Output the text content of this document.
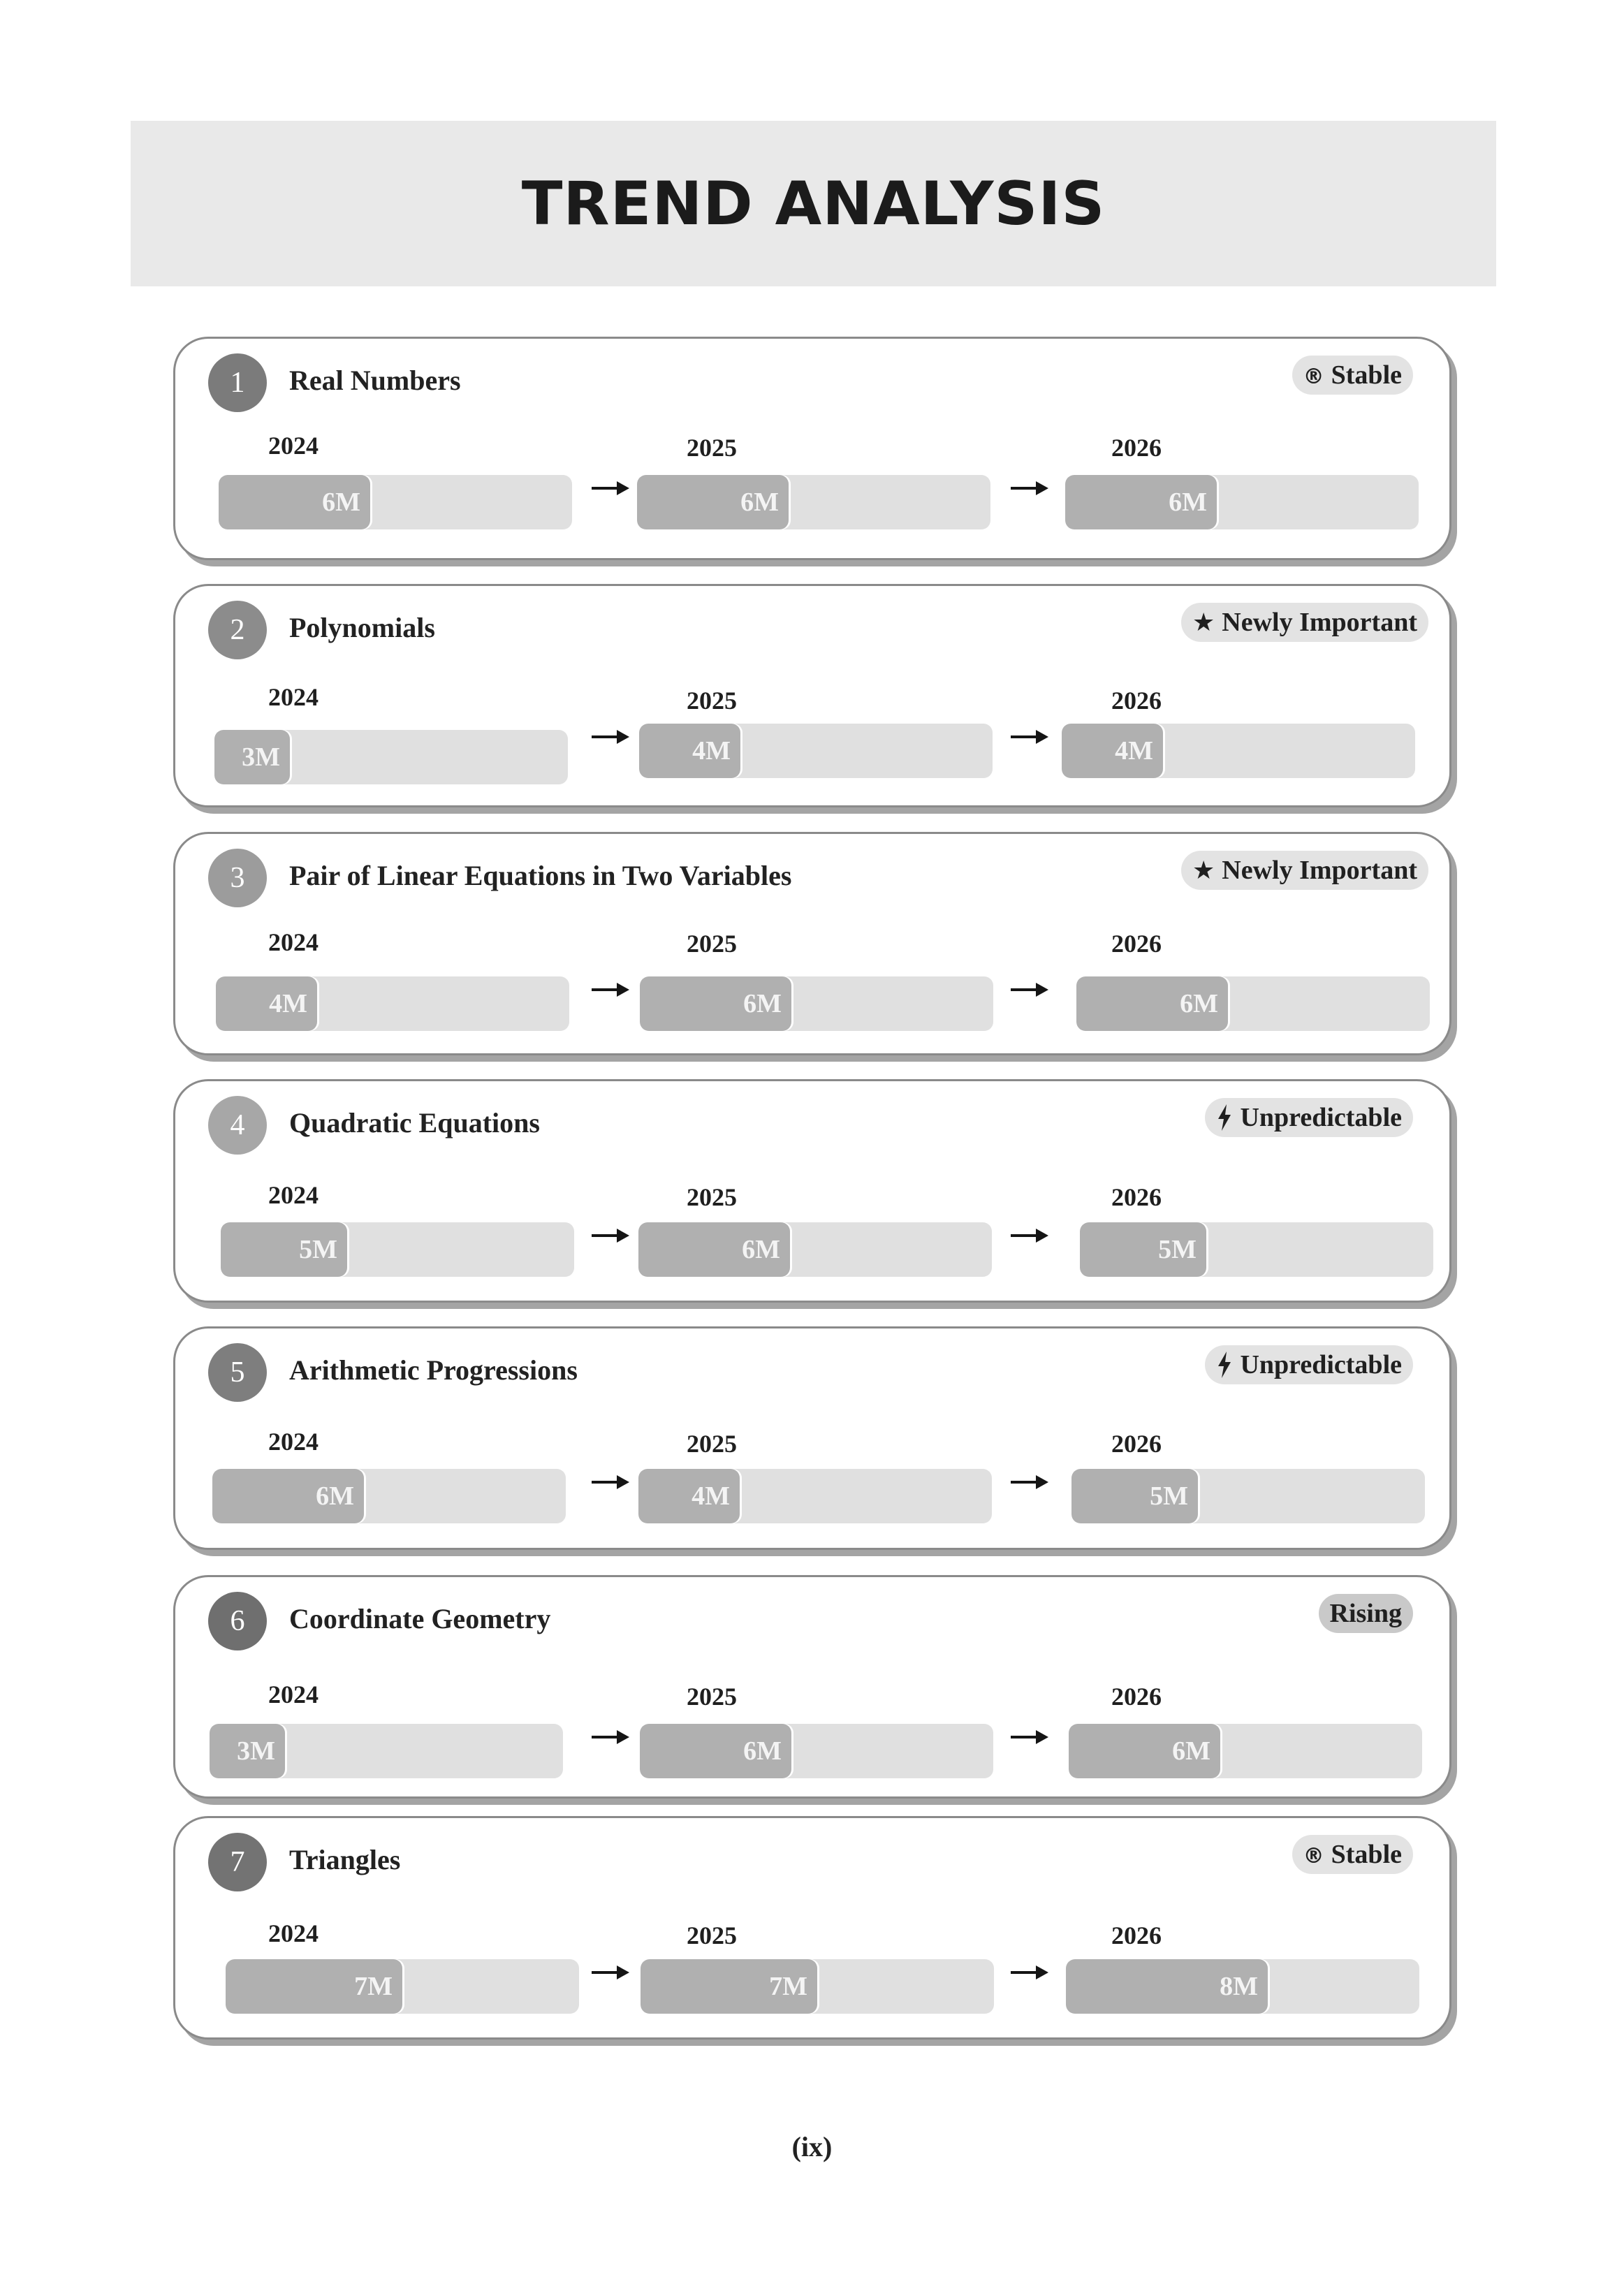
TREND ANALYSIS
1	Real Numbers	® Stable
2024
6M
2025
6M
2026
6M
2	Polynomials	★ Newly Important
2024
3M
2025
4M
2026
4M
3	Pair of Linear Equations in Two Variables	★ Newly Important
2024
4M
2025
6M
2026
6M
4	Quadratic Equations	Unpredictable
2024
5M
2025
6M
2026
5M
5	Arithmetic Progressions	Unpredictable
2024
6M
2025
4M
2026
5M
6	Coordinate Geometry	Rising
2024
3M
2025
6M
2026
6M
7	Triangles	® Stable
2024
7M
2025
7M
2026
8M
(ix)
